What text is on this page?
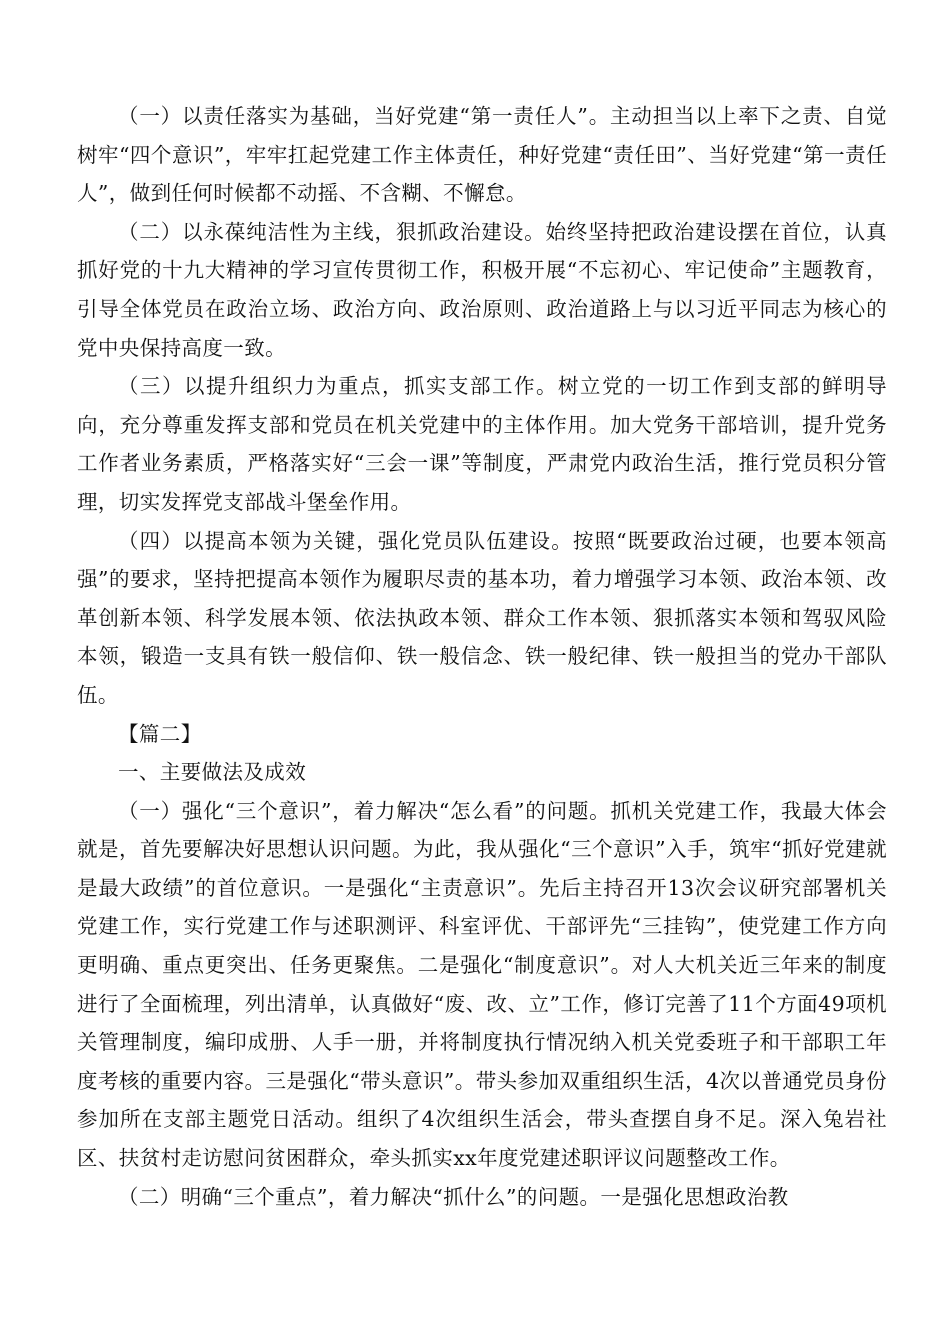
（一）以责任落实为基础，当好党建“第一责任人”。主动担当以上率下之责、自觉树牢“四个意识”，牢牢扛起党建工作主体责任，种好党建“责任田”、当好党建“第一责任人”，做到任何时候都不动摇、不含糊、不懈怠。

（二）以永葆纯洁性为主线，狠抓政治建设。始终坚持把政治建设摆在首位，认真抓好党的十九大精神的学习宣传贯彻工作，积极开展“不忘初心、牢记使命”主题教育，引导全体党员在政治立场、政治方向、政治原则、政治道路上与以习近平同志为核心的党中央保持高度一致。

（三）以提升组织力为重点，抓实支部工作。树立党的一切工作到支部的鲜明导向，充分尊重发挥支部和党员在机关党建中的主体作用。加大党务干部培训，提升党务工作者业务素质，严格落实好“三会一课”等制度，严肃党内政治生活，推行党员积分管理，切实发挥党支部战斗堡垒作用。

（四）以提高本领为关键，强化党员队伍建设。按照“既要政治过硬，也要本领高强”的要求，坚持把提高本领作为履职尽责的基本功，着力增强学习本领、政治本领、改革创新本领、科学发展本领、依法执政本领、群众工作本领、狠抓落实本领和驾驭风险本领，锻造一支具有铁一般信仰、铁一般信念、铁一般纪律、铁一般担当的党办干部队伍。

【篇二】

一、主要做法及成效

（一）强化“三个意识”，着力解决“怎么看”的问题。抓机关党建工作，我最大体会就是，首先要解决好思想认识问题。为此，我从强化“三个意识”入手，筑牢“抓好党建就是最大政绩”的首位意识。一是强化“主责意识”。先后主持召开13次会议研究部署机关党建工作，实行党建工作与述职测评、科室评优、干部评先“三挂钩”，使党建工作方向更明确、重点更突出、任务更聚焦。二是强化“制度意识”。对人大机关近三年来的制度进行了全面梳理，列出清单，认真做好“废、改、立”工作，修订完善了11个方面49项机关管理制度，编印成册、人手一册，并将制度执行情况纳入机关党委班子和干部职工年度考核的重要内容。三是强化“带头意识”。带头参加双重组织生活，4次以普通党员身份参加所在支部主题党日活动。组织了4次组织生活会，带头查摆自身不足。深入兔岩社区、扶贫村走访慰问贫困群众，牵头抓实xx年度党建述职评议问题整改工作。

（二）明确“三个重点”，着力解决“抓什么”的问题。一是强化思想政治教
